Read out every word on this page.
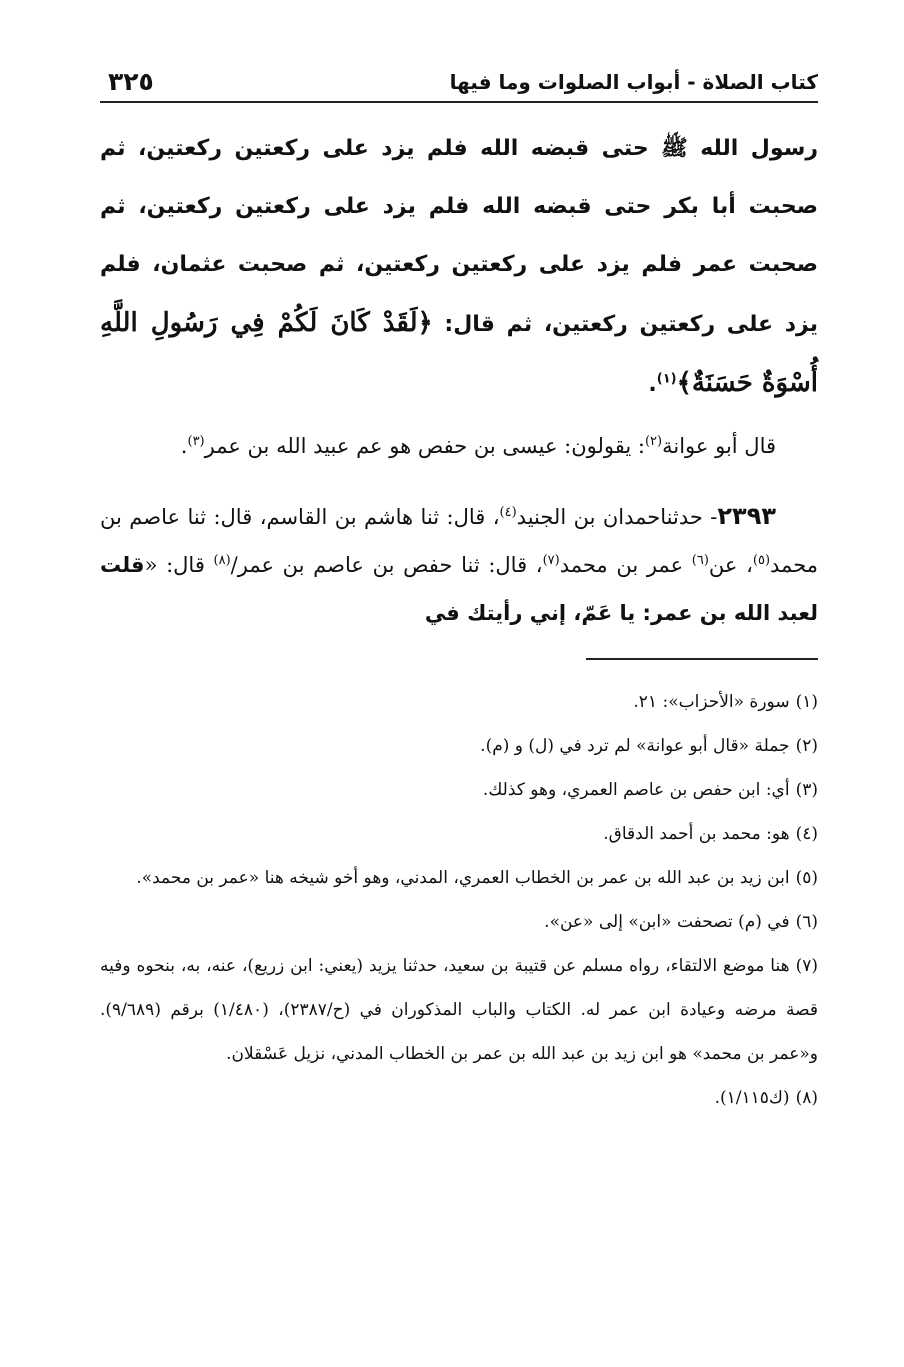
كتاب الصلاة - أبواب الصلوات وما فيها
٣٢٥

رسول الله ﷺ حتى قبضه الله فلم يزد على ركعتين ركعتين، ثم صحبت أبا بكر حتى قبضه الله فلم يزد على ركعتين ركعتين، ثم صحبت عمر فلم يزد على ركعتين ركعتين، ثم صحبت عثمان، فلم يزد على ركعتين ركعتين، ثم قال: ﴿لَقَدْ كَانَ لَكُمْ فِي رَسُولِ اللَّهِ أُسْوَةٌ حَسَنَةٌ﴾$^{(١)}$.

  قال أبو عوانة$^{(٢)}$: يقولون: عيسى بن حفص هو عم عبيد الله بن عمر$^{(٣)}$.

  ٢٣٩٣- حدثناحمدان بن الجنيد$^{(٤)}$، قال: ثنا هاشم بن القاسم، قال: ثنا عاصم بن محمد$^{(٥)}$، عن$^{(٦)}$ عمر بن محمد$^{(٧)}$، قال: ثنا حفص بن عاصم بن عمر/$^{(٨)}$ قال: «قلت لعبد الله بن عمر: يا عَمّ، إني رأيتك في

(١)سورة «الأحزاب»: ٢١.

(٢)جملة «قال أبو عوانة» لم ترد في (ل) و (م).

(٣)أي: ابن حفص بن عاصم العمري، وهو كذلك.

(٤)هو: محمد بن أحمد الدقاق.

(٥)ابن زيد بن عبد الله بن عمر بن الخطاب العمري، المدني، وهو أخو شيخه هنا «عمر بن محمد».

(٦)في (م) تصحفت «ابن» إلى «عن».

(٧)هنا موضع الالتقاء، رواه مسلم عن قتيبة بن سعيد، حدثنا يزيد (يعني: ابن زريع)، عنه، به، بنحوه وفيه قصة مرضه وعيادة ابن عمر له. الكتاب والباب المذكوران في (ح/٢٣٨٧)، (١/٤٨٠) برقم (٩/٦٨٩). و«عمر بن محمد» هو ابن زيد بن عبد الله بن عمر بن الخطاب المدني، نزيل عَسْقلان.

(٨)(ك١/١١٥).
